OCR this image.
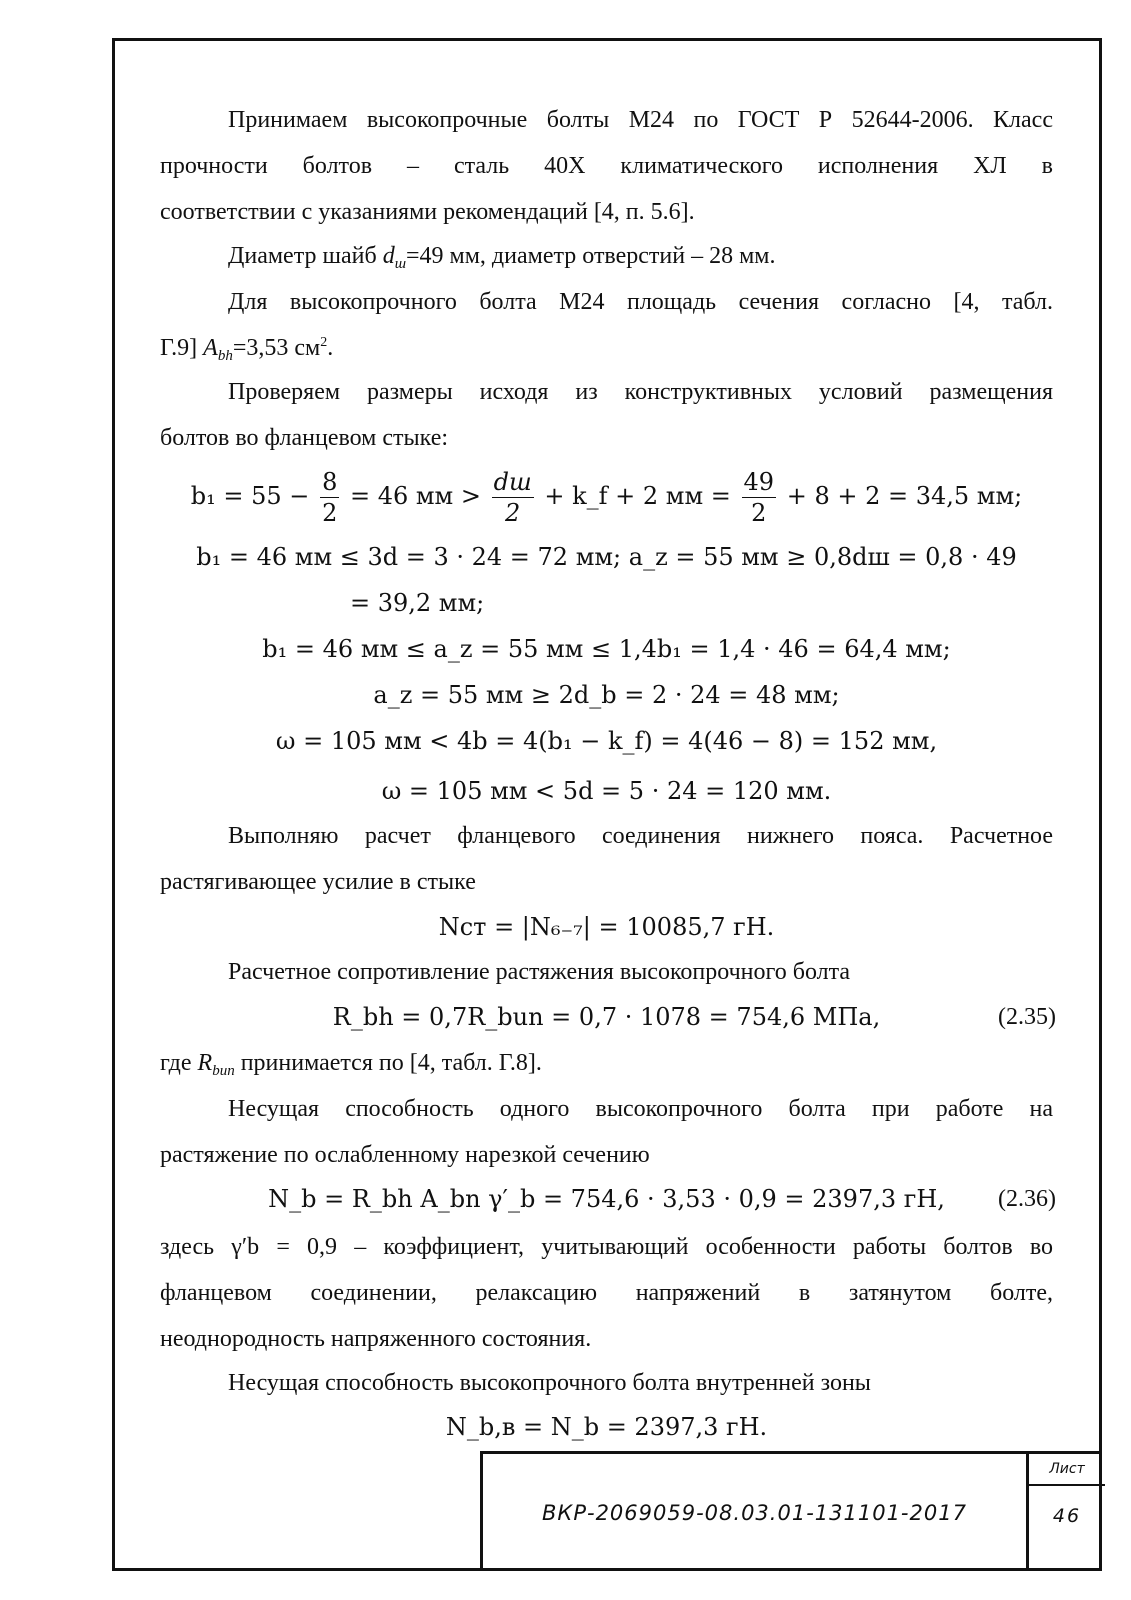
Принимаем высокопрочные болты М24 по ГОСТ Р 52644-2006. Класс

прочности болтов – сталь 40Х климатического исполнения ХЛ в

соответствии с указаниями рекомендаций [4, п. 5.6].

Диаметр шайб $d_ш=49$ мм, диаметр отверстий – 28 мм.

Для высокопрочного болта М24 площадь сечения согласно [4, табл.

Г.9] $A_{bh}=3,53$ $см^2$.

Проверяем размеры исходя из конструктивных условий размещения

болтов во фланцевом стыке:

$b_1 = 55 - \frac{8}{2} = 46$ мм > $\frac{dш}{2}$ + k_f + 2 мм = $\frac{49}{2} + 8 + 2 = 34,5$ мм;
b₁ = 46 мм ≤ 3d = 3 · 24 = 72 мм; a_z = 55 мм ≥ 0,8dш = 0,8 · 49
= 39,2 мм;
b₁ = 46 мм ≤ a_z = 55 мм ≤ 1,4b₁ = 1,4 · 46 = 64,4 мм;
a_z = 55 мм ≥ 2d_b = 2 · 24 = 48 мм;
ω = 105 мм < 4b = 4(b₁ − k_f) = 4(46 − 8) = 152 мм,
ω = 105 мм < 5d = 5 · 24 = 120 мм.

Выполняю расчет фланцевого соединения нижнего пояса. Расчетное

растягивающее усилие в стыке

Nст = |N₆₋₇| = 10085,7 гН.

Расчетное сопротивление растяжения высокопрочного болта

R_bh = 0,7R_bun = 0,7 · 1078 = 754,6 МПа,	(2.35)

где $R_{bun}$ принимается по [4, табл. Г.8].

Несущая способность одного высокопрочного болта при работе на

растяжение по ослабленному нарезкой сечению

N_b = R_bh A_bn γ′_b = 754,6 · 3,53 · 0,9 = 2397,3 гН,	(2.36)

здесь γ′b = 0,9 – коэффициент, учитывающий особенности работы болтов во

фланцевом соединении, релаксацию напряжений в затянутом болте,

неоднородность напряженного состояния.

Несущая способность высокопрочного болта внутренней зоны

N_b,в = N_b = 2397,3 гН.
ВКР-2069059-08.03.01-131101-2017
Лист
46
